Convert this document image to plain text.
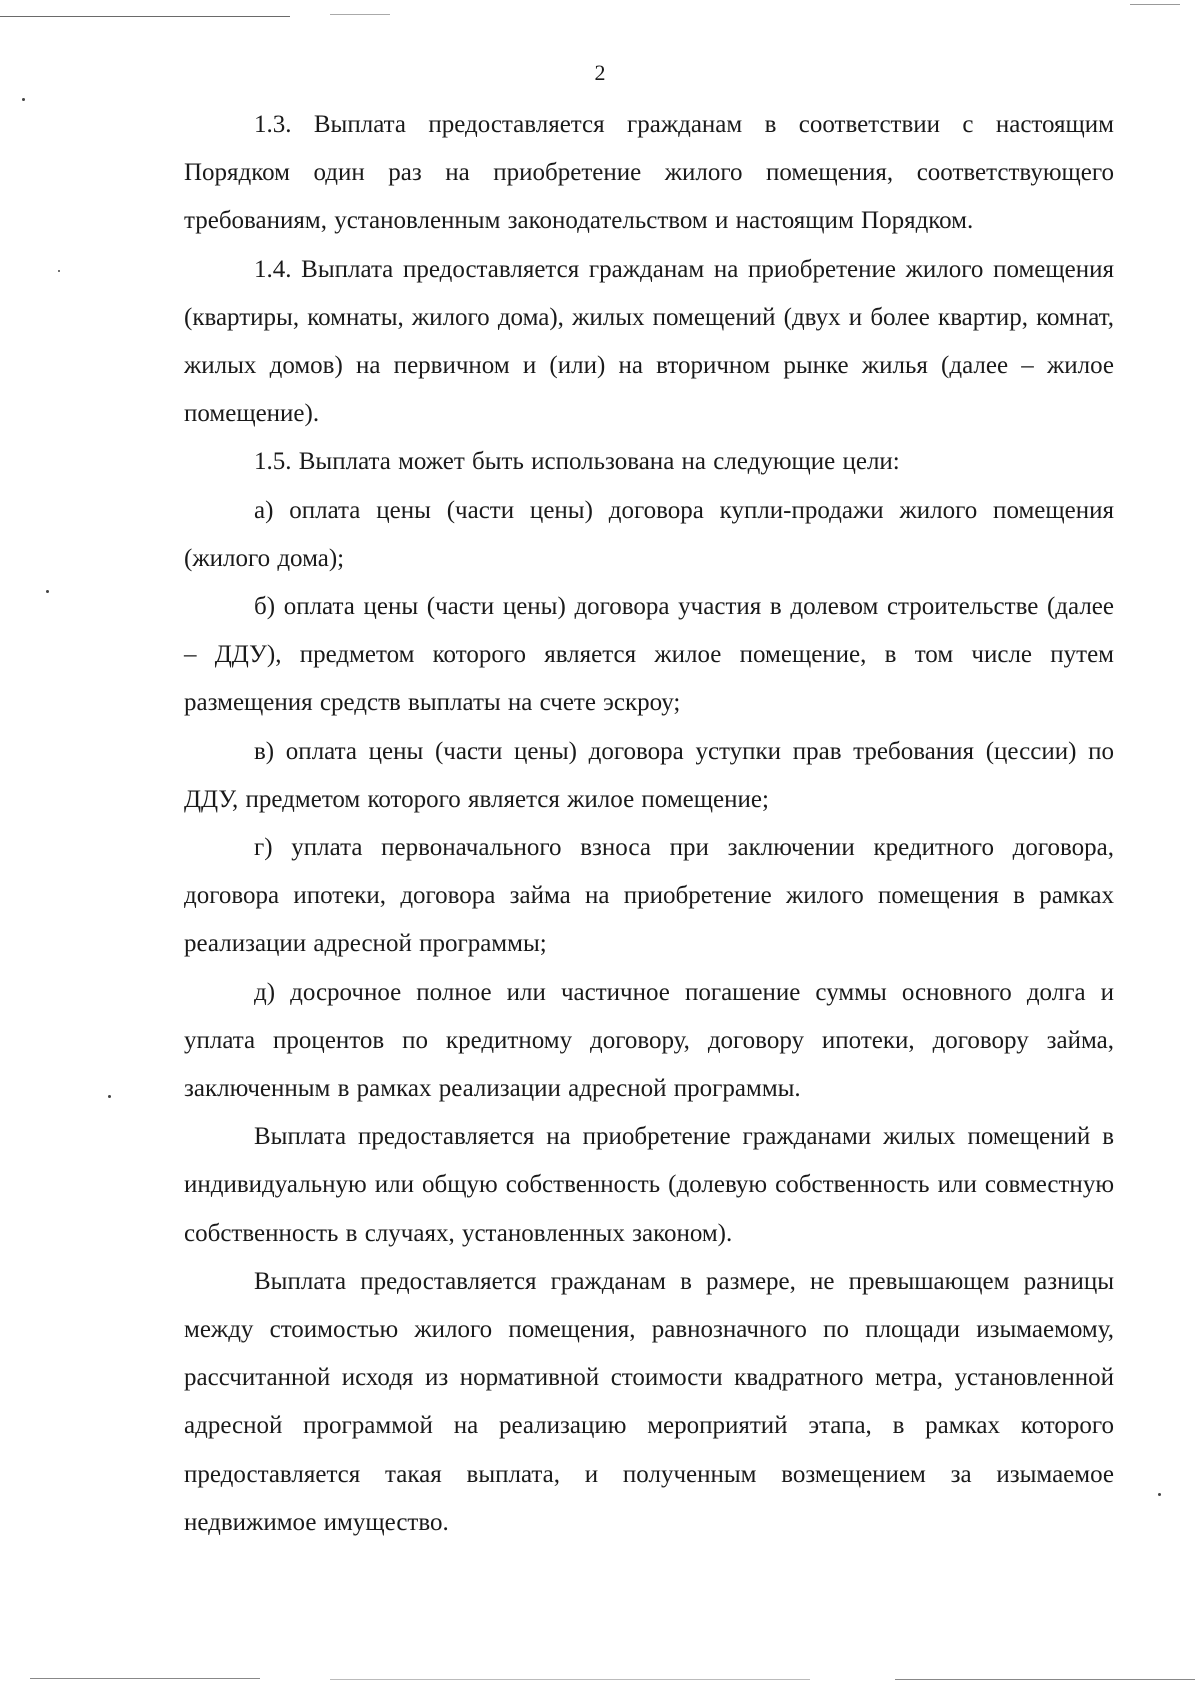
2

1.3. Выплата предоставляется гражданам в соответствии с настоящим Порядком один раз на приобретение жилого помещения, соответствующего требованиям, установленным законодательством и настоящим Порядком.

1.4. Выплата предоставляется гражданам на приобретение жилого помещения (квартиры, комнаты, жилого дома), жилых помещений (двух и более квартир, комнат, жилых домов) на первичном и (или) на вторичном рынке жилья (далее – жилое помещение).

1.5. Выплата может быть использована на следующие цели:

а) оплата цены (части цены) договора купли-продажи жилого помещения (жилого дома);

б) оплата цены (части цены) договора участия в долевом строительстве (далее – ДДУ), предметом которого является жилое помещение, в том числе путем размещения средств выплаты на счете эскроу;

в) оплата цены (части цены) договора уступки прав требования (цессии) по ДДУ, предметом которого является жилое помещение;

г) уплата первоначального взноса при заключении кредитного договора, договора ипотеки, договора займа на приобретение жилого помещения в рамках реализации адресной программы;

д) досрочное полное или частичное погашение суммы основного долга и уплата процентов по кредитному договору, договору ипотеки, договору займа, заключенным в рамках реализации адресной программы.

Выплата предоставляется на приобретение гражданами жилых помещений в индивидуальную или общую собственность (долевую собственность или совместную собственность в случаях, установленных законом).

Выплата предоставляется гражданам в размере, не превышающем разницы между стоимостью жилого помещения, равнозначного по площади изымаемому, рассчитанной исходя из нормативной стоимости квадратного метра, установленной адресной программой на реализацию мероприятий этапа, в рамках которого предоставляется такая выплата, и полученным возмещением за изымаемое недвижимое имущество.
